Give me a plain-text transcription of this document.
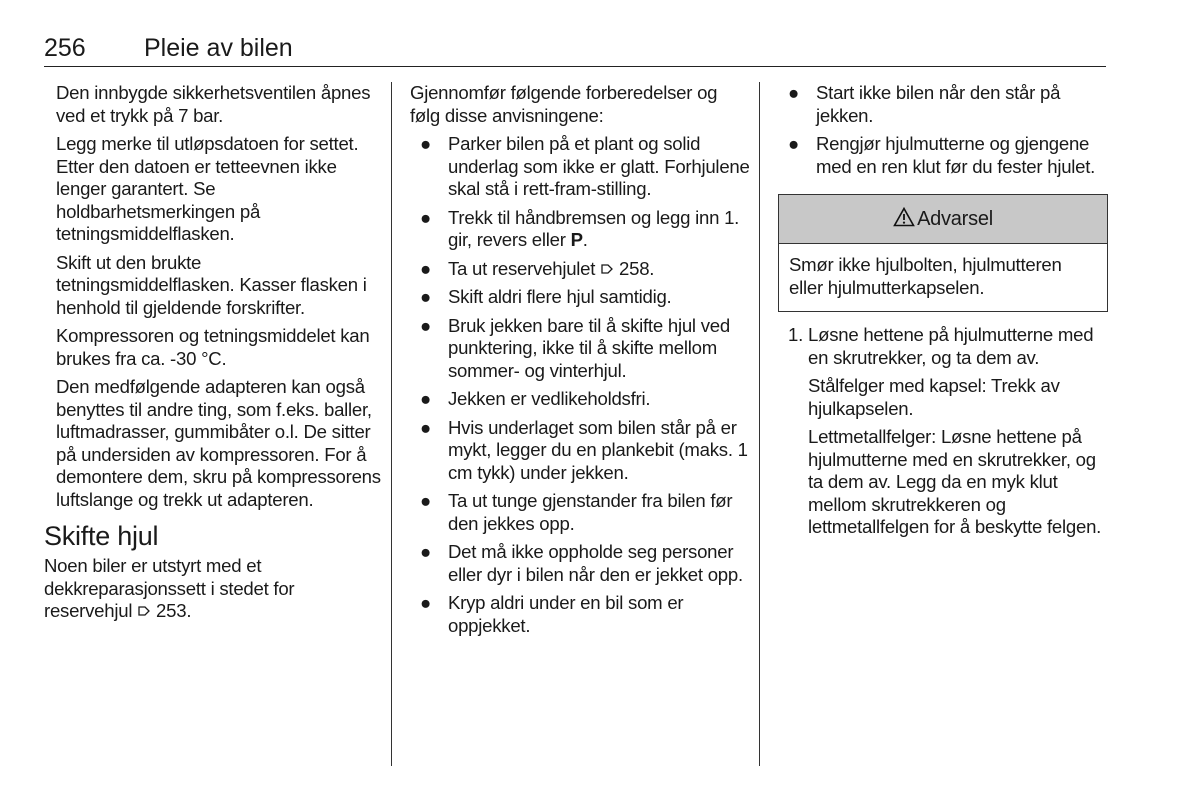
256 Pleie av bilen

Den innbygde sikkerhetsventilen åpnes ved et trykk på 7 bar.

Legg merke til utløpsdatoen for settet. Etter den datoen er tetteevnen ikke lenger garantert. Se holdbarhetsmerkingen på tetningsmiddelflasken.

Skift ut den brukte tetningsmiddelflasken. Kasser flasken i henhold til gjeldende forskrifter.

Kompressoren og tetningsmiddelet kan brukes fra ca. -30 °C.

Den medfølgende adapteren kan også benyttes til andre ting, som f.eks. baller, luftmadrasser, gummibåter o.l. De sitter på undersiden av kompressoren. For å demontere dem, skru på kompressorens luftslange og trekk ut adapteren.

Skifte hjul

Noen biler er utstyrt med et dekkreparasjonssett i stedet for reservehjul 253.

Gjennomfør følgende forberedelser og følg disse anvisningene:

● Parker bilen på et plant og solid underlag som ikke er glatt. Forhjulene skal stå i rett-fram-stilling.
● Trekk til håndbremsen og legg inn 1. gir, revers eller P.
● Ta ut reservehjulet 258.
● Skift aldri flere hjul samtidig.
● Bruk jekken bare til å skifte hjul ved punktering, ikke til å skifte mellom sommer- og vinterhjul.
● Jekken er vedlikeholdsfri.
● Hvis underlaget som bilen står på er mykt, legger du en plankebit (maks. 1 cm tykk) under jekken.
● Ta ut tunge gjenstander fra bilen før den jekkes opp.
● Det må ikke oppholde seg personer eller dyr i bilen når den er jekket opp.
● Kryp aldri under en bil som er oppjekket.
● Start ikke bilen når den står på jekken.
● Rengjør hjulmutterne og gjengene med en ren klut før du fester hjulet.
Advarsel
Smør ikke hjulbolten, hjulmutteren eller hjulmutterkapselen.
1. Løsne hettene på hjulmutterne med en skrutrekker, og ta dem av.

Stålfelger med kapsel: Trekk av hjulkapselen.

Lettmetallfelger: Løsne hettene på hjulmutterne med en skrutrekker, og ta dem av. Legg da en myk klut mellom skrutrekkeren og lettmetallfelgen for å beskytte felgen.
